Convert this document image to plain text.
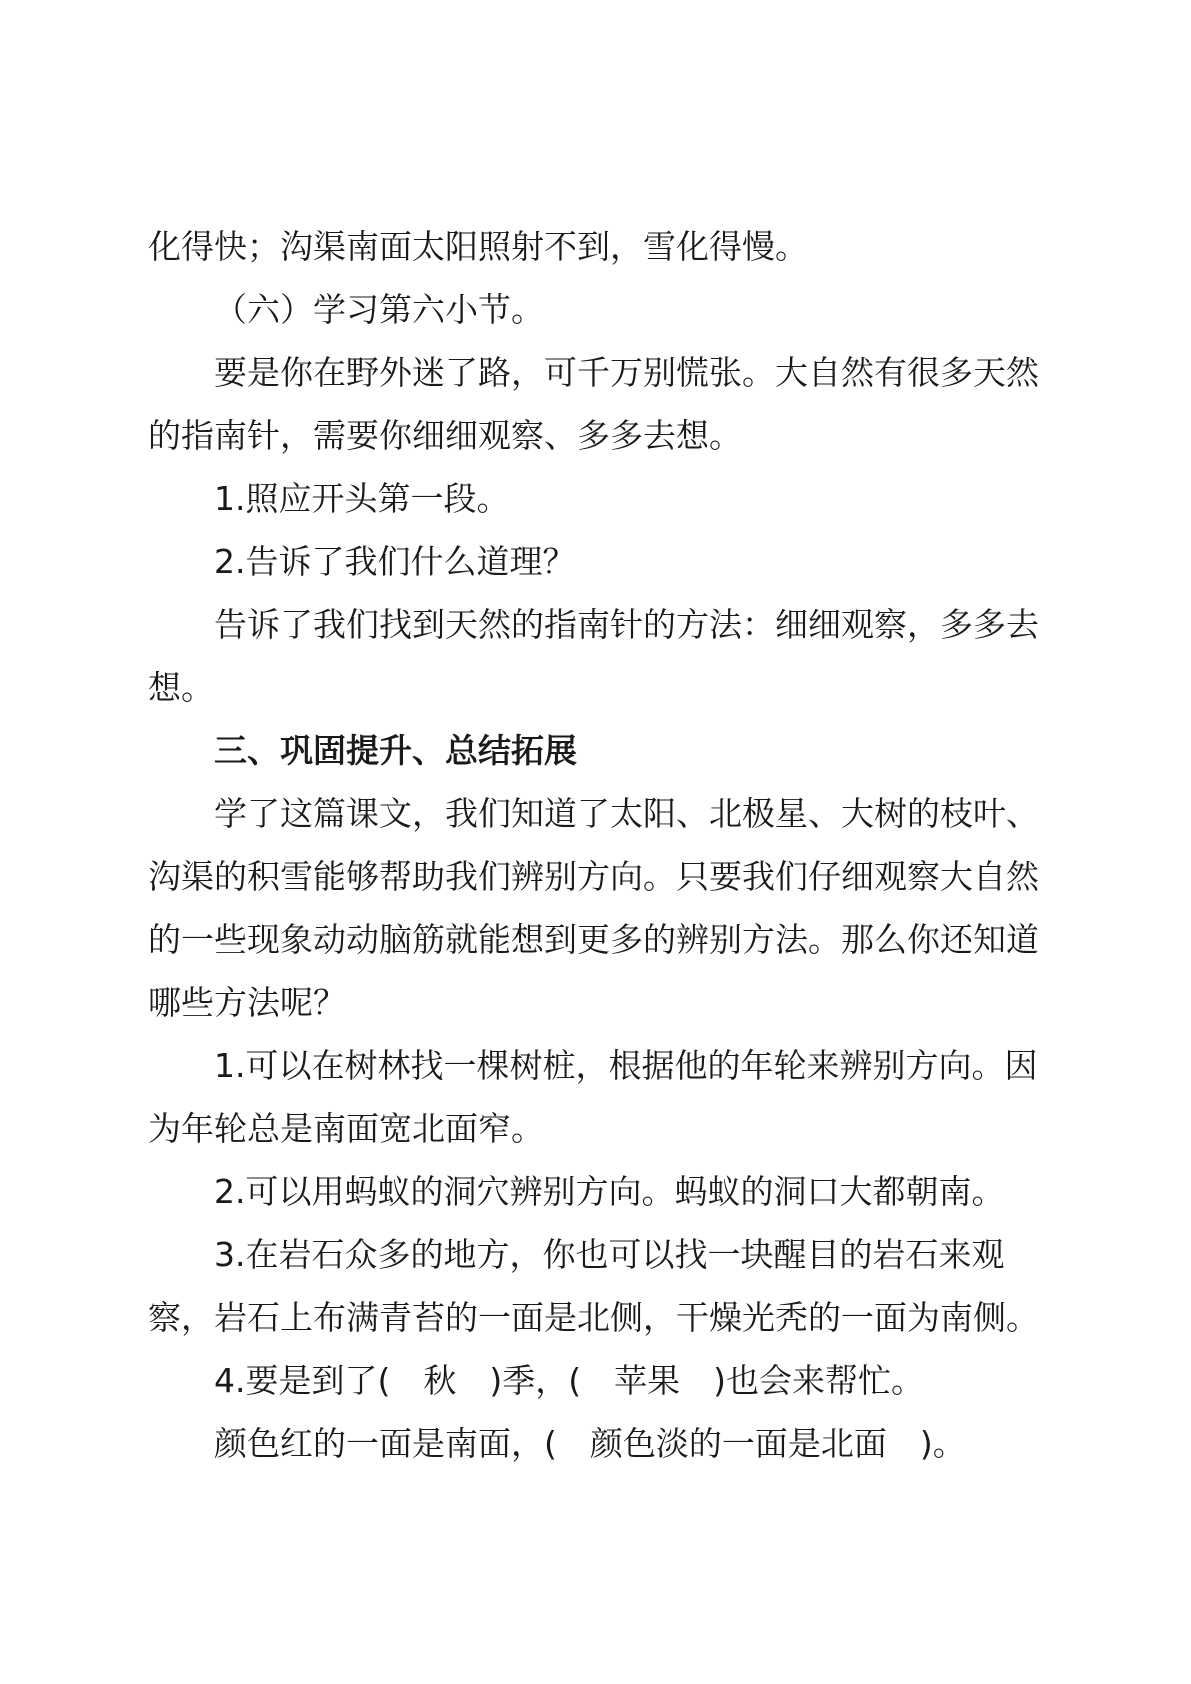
化得快；沟渠南面太阳照射不到，雪化得慢。
（六）学习第六小节。
要是你在野外迷了路，可千万别慌张。大自然有很多天然
的指南针，需要你细细观察、多多去想。
1.照应开头第一段。
2.告诉了我们什么道理？
告诉了我们找到天然的指南针的方法：细细观察，多多去
想。
三、巩固提升、总结拓展
学了这篇课文，我们知道了太阳、北极星、大树的枝叶、
沟渠的积雪能够帮助我们辨别方向。只要我们仔细观察大自然
的一些现象动动脑筋就能想到更多的辨别方法。那么你还知道
哪些方法呢？
1.可以在树林找一棵树桩，根据他的年轮来辨别方向。因
为年轮总是南面宽北面窄。
2.可以用蚂蚁的洞穴辨别方向。蚂蚁的洞口大都朝南。
3.在岩石众多的地方，你也可以找一块醒目的岩石来观
察，岩石上布满青苔的一面是北侧，干燥光秃的一面为南侧。
4.要是到了(　秋　)季，(　苹果　)也会来帮忙。
颜色红的一面是南面，(　颜色淡的一面是北面　)。
